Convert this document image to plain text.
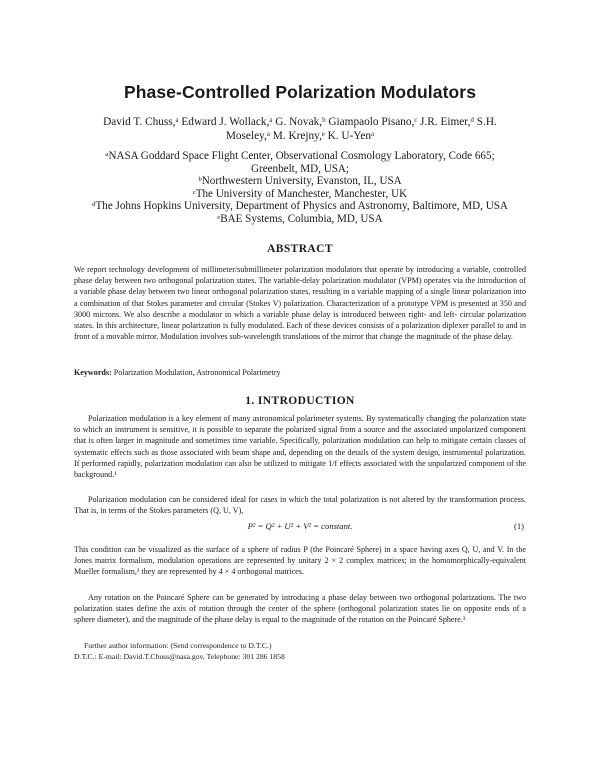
Phase-Controlled Polarization Modulators
David T. Chuss,ᵃ Edward J. Wollack,ᵃ G. Novak,ᵇ Giampaolo Pisano,ᶜ J.R. Eimer,ᵈ S.H.
Moseley,ᵃ M. Krejny,ᵉ K. U-Yenᵃ
ᵃNASA Goddard Space Flight Center, Observational Cosmology Laboratory, Code 665;
Greenbelt, MD, USA;
ᵇNorthwestern University, Evanston, IL, USA
ᶜThe University of Manchester, Manchester, UK
ᵈThe Johns Hopkins University, Department of Physics and Astronomy, Baltimore, MD, USA
ᵉBAE Systems, Columbia, MD, USA
ABSTRACT

We report technology development of millimeter/submillimeter polarization modulators that operate by introducing a variable, controlled phase delay between two orthogonal polarization states. The variable-delay polarization modulator (VPM) operates via the introduction of a variable phase delay between two linear orthogonal polarization states, resulting in a variable mapping of a single linear polarization into a combination of that Stokes parameter and circular (Stokes V) polarization. Characterization of a prototype VPM is presented at 350 and 3000 microns. We also describe a modulator in which a variable phase delay is introduced between right- and left- circular polarization states. In this architecture, linear polarization is fully modulated. Each of these devices consists of a polarization diplexer parallel to and in front of a movable mirror. Modulation involves sub-wavelength translations of the mirror that change the magnitude of the phase delay.

Keywords: Polarization Modulation, Astronomical Polarimetry

1. INTRODUCTION

Polarization modulation is a key element of many astronomical polarimeter systems. By systematically changing the polarization state to which an instrument is sensitive, it is possible to separate the polarized signal from a source and the associated unpolarized component that is often larger in magnitude and sometimes time variable. Specifically, polarization modulation can help to mitigate certain classes of systematic effects such as those associated with beam shape and, depending on the details of the system design, instrumental polarization. If performed rapidly, polarization modulation can also be utilized to mitigate 1/f effects associated with the unpolarized component of the background.¹

Polarization modulation can be considered ideal for cases in which the total polarization is not altered by the transformation process. That is, in terms of the Stokes parameters (Q, U, V),

P² = Q² + U² + V² = constant.	(1)

This condition can be visualized as the surface of a sphere of radius P (the Poincaré Sphere) in a space having axes Q, U, and V. In the Jones matrix formalism, modulation operations are represented by unitary 2 × 2 complex matrices; in the homomorphically-equivalent Mueller formalism,² they are represented by 4 × 4 orthogonal matrices.

Any rotation on the Poincaré Sphere can be generated by introducing a phase delay between two orthogonal polarizations. The two polarization states define the axis of rotation through the center of the sphere (orthogonal polarization states lie on opposite ends of a sphere diameter), and the magnitude of the phase delay is equal to the magnitude of the rotation on the Poincaré Sphere.³

Further author information: (Send correspondence to D.T.C.)
D.T.C.: E-mail: David.T.Chuss@nasa.gov, Telephone: 301 286 1858
